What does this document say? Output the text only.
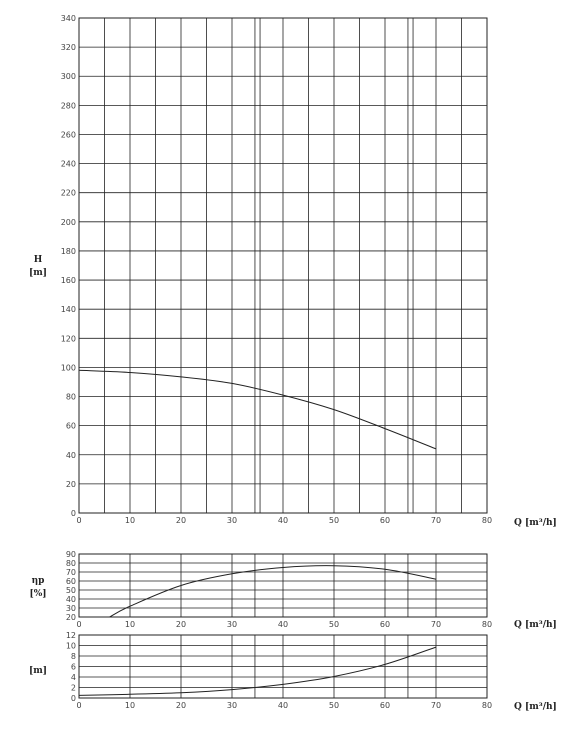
0
20
40
60
80
100
120
140
160
180
200
220
240
260
280
300
320
340
0	10	20	30	40	50	60	70	80
H
[m]
Q [m³/h]
20
30
40
50
60
70
80
90
0	10	20	30	40	50	60	70	80
ηp
[%]
Q [m³/h]
0
2
4
6
8
10
12
0	10	20	30	40	50	60	70	80
[m]
Q [m³/h]
